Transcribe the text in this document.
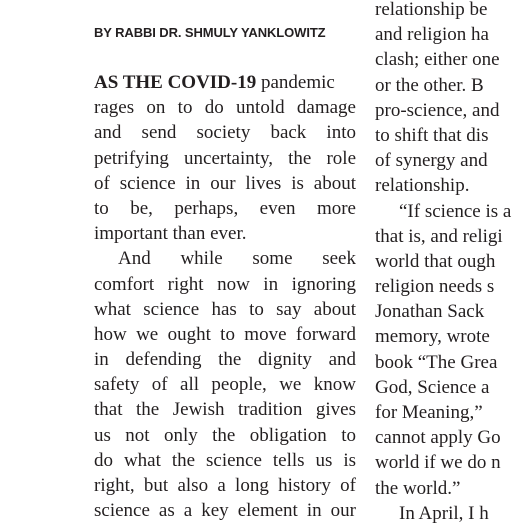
BY RABBI DR. SHMULY YANKLOWITZ
AS THE COVID-19 pandemic
rages on to do untold damage
and send society back into
petrifying uncertainty, the role
of science in our lives is about
to be, perhaps, even more
important than ever.
And while some seek
comfort right now in ignoring
what science has to say about
how we ought to move forward
in defending the dignity and
safety of all people, we know
that the Jewish tradition gives
us not only the obligation to
do what the science tells us is
right, but also a long history of
science as a key element in our
relationship be
and religion ha
clash; either one
or the other. B
pro-science, and
to shift that dis
of synergy and
relationship.
“If science is a
that is, and religi
world that ough
religion needs s
Jonathan Sack
memory, wrote
book “The Grea
God, Science a
for Meaning,”
cannot apply Go
world if we do n
the world.”
In April, I h
